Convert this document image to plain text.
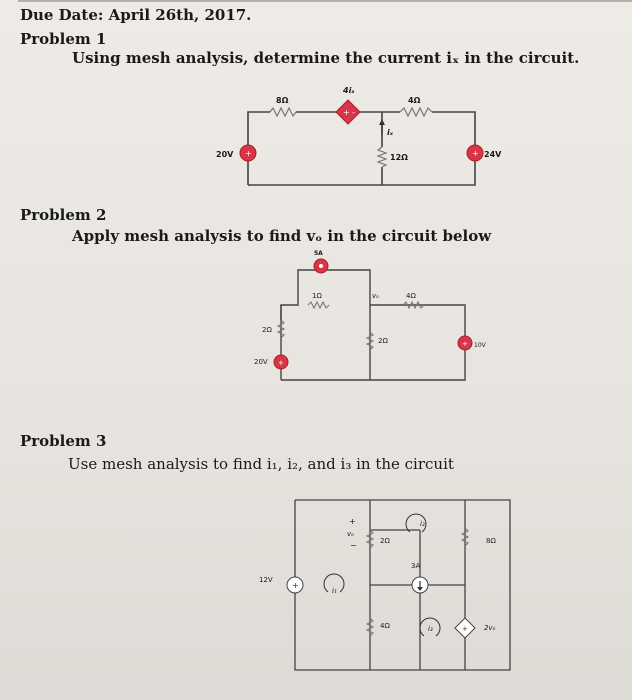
Due Date: April 26th, 2017.
Problem 1
Using mesh analysis, determine the current iₓ in the circuit.
+ -
+	+
8Ω
4iₓ
4Ω
iₓ
20V	12Ω	24V
Problem 2
Apply mesh analysis to find vₒ in the circuit below
+
+
5A
1Ω	vₒ	4Ω
2Ω
2Ω
20V
10V
Problem 3
Use mesh analysis to find i₁, i₂, and i₃ in the circuit
+
+
+
vₒ
−	2Ω
i₂
8Ω
3A
12V
i₁
4Ω	i₃	2vₒ
